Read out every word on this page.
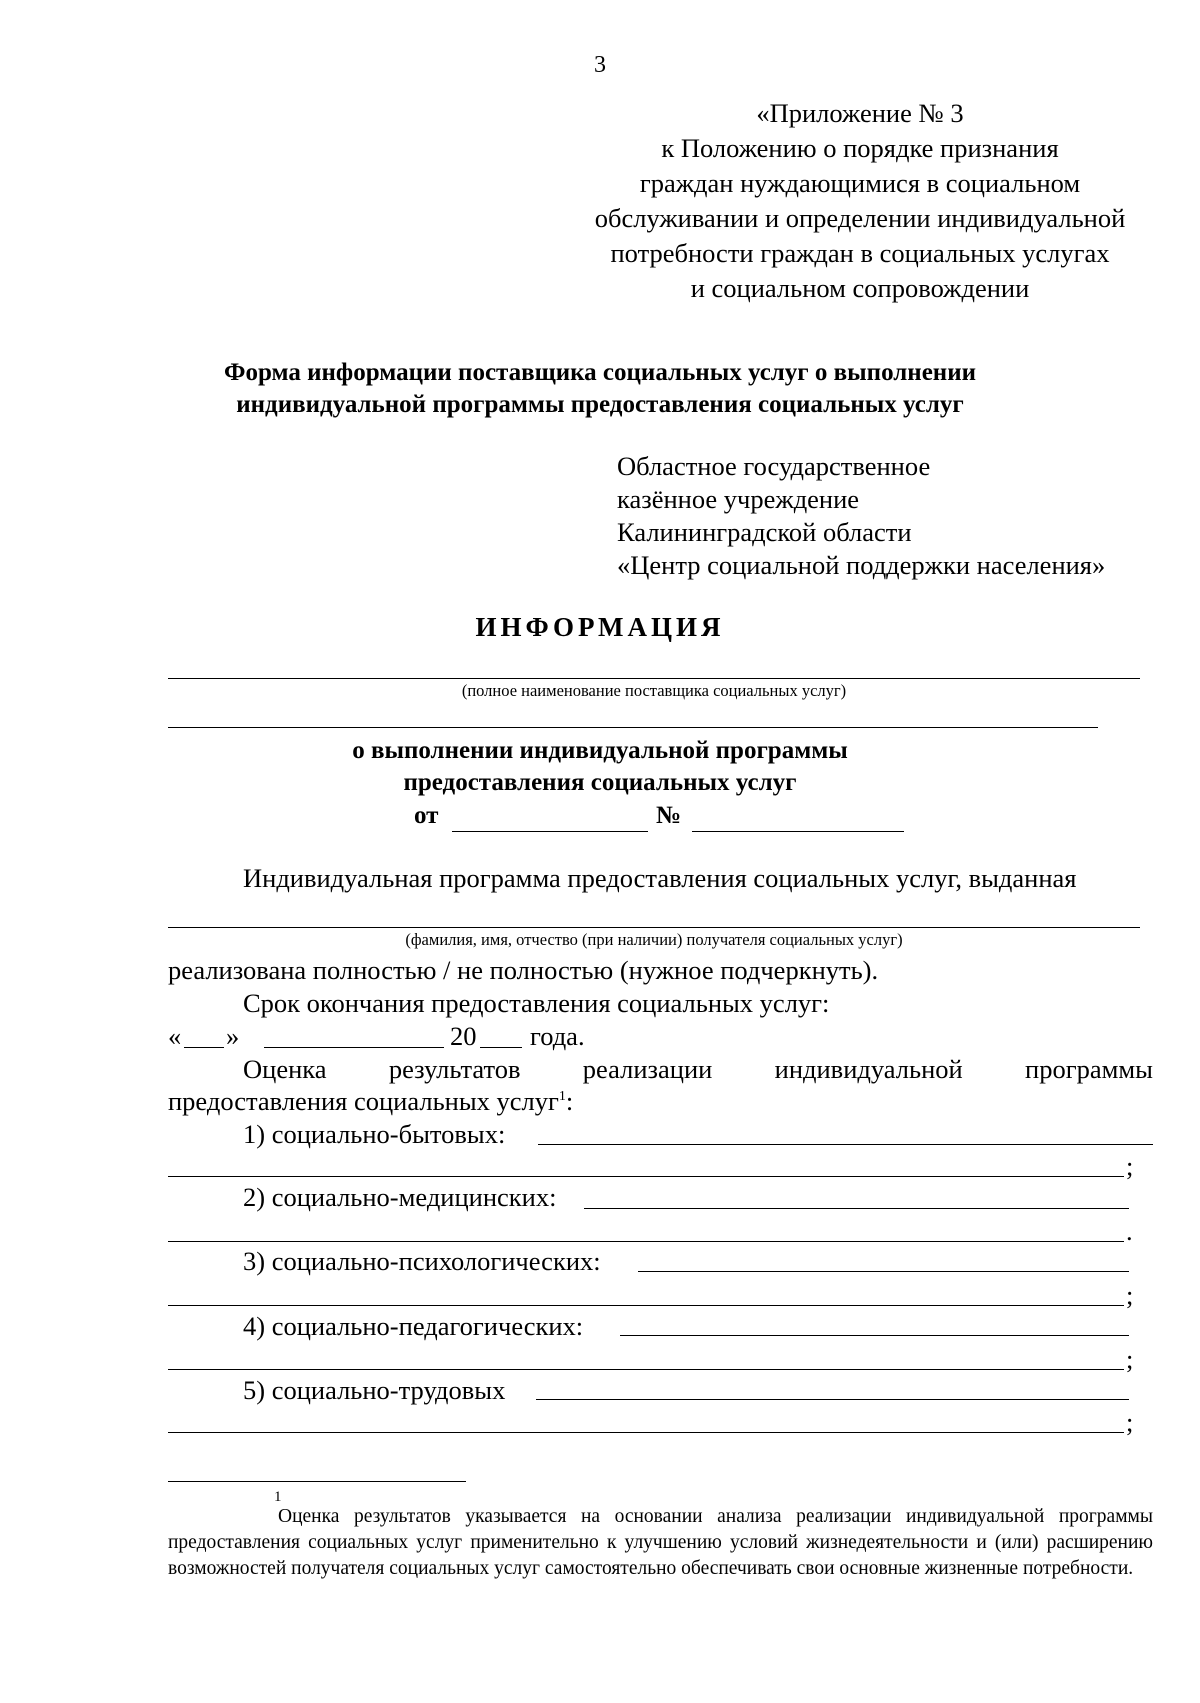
3
«Приложение № 3
к Положению о порядке признания
граждан нуждающимися в социальном
обслуживании и определении индивидуальной
потребности граждан в социальных услугах
и социальном сопровождении
Форма информации поставщика социальных услуг о выполнении
индивидуальной программы предоставления социальных услуг
Областное государственное
казённое учреждение
Калининградской области
«Центр социальной поддержки населения»
ИНФОРМАЦИЯ
(полное наименование поставщика социальных услуг)
о выполнении индивидуальной программы
предоставления социальных услуг
от	№
Индивидуальная программа предоставления социальных услуг, выданная
(фамилия, имя, отчество (при наличии) получателя социальных услуг)
реализована полностью / не полностью (нужное подчеркнуть).
Срок окончания предоставления социальных услуг:
« »	20 года.
Оценка результатов реализации индивидуальной программы
предоставления социальных услуг$^1$:
1) социально-бытовых:
;
2) социально-медицинских:
.
3) социально-психологических:
;
4) социально-педагогических:
;
5) социально-трудовых
;
1
Оценка результатов указывается на основании анализа реализации индивидуальной программы предоставления социальных услуг применительно к улучшению условий жизнедеятельности и (или) расширению возможностей получателя социальных услуг самостоятельно обеспечивать свои основные жизненные потребности.
